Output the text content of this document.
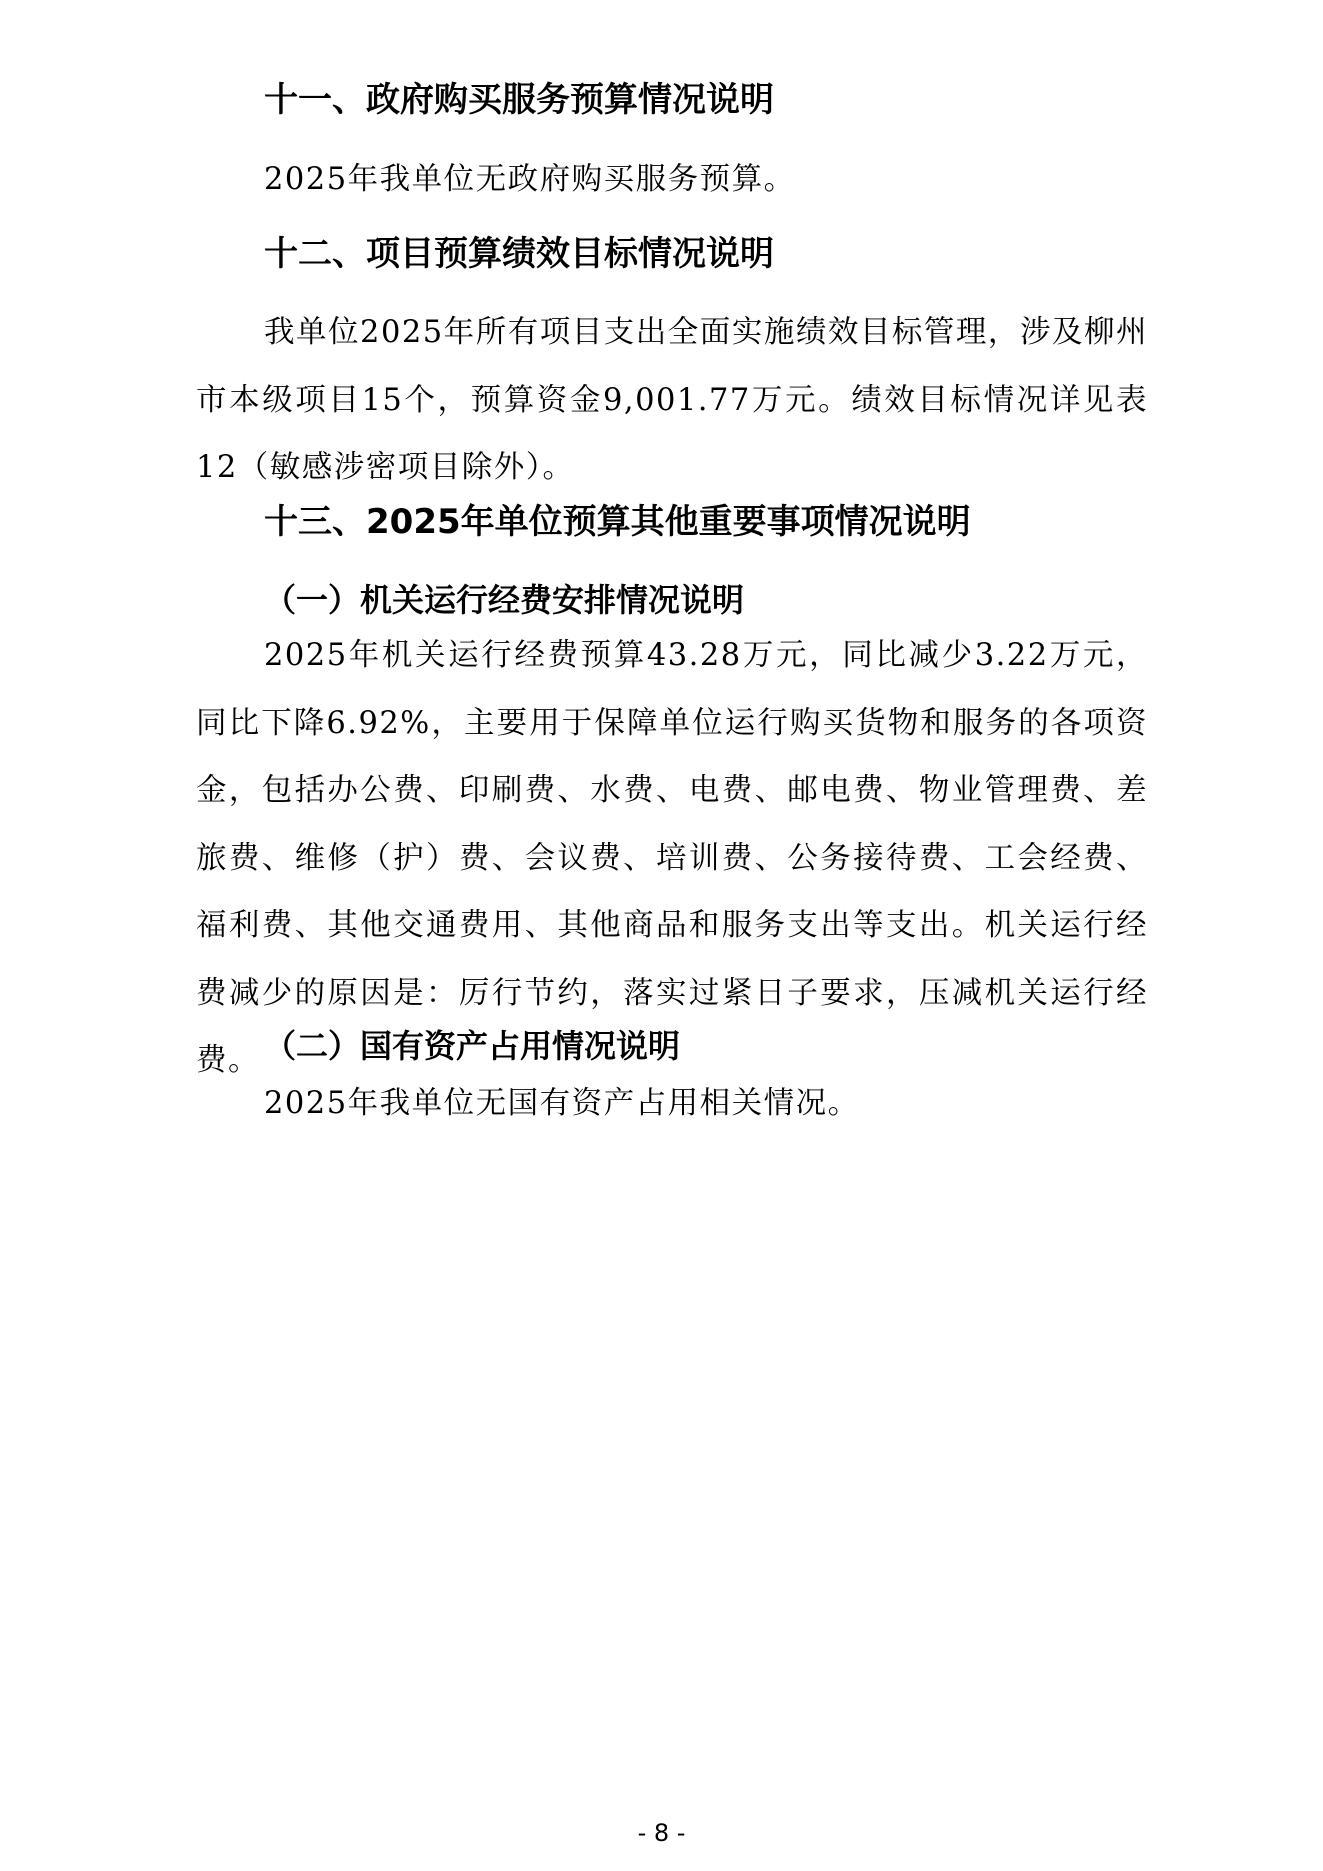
十一、政府购买服务预算情况说明

2025年我单位无政府购买服务预算。

十二、项目预算绩效目标情况说明

我单位2025年所有项目支出全面实施绩效目标管理，涉及柳州市本级项目15个，预算资金9,001.77万元。绩效目标情况详见表12（敏感涉密项目除外）。

十三、2025年单位预算其他重要事项情况说明
（一）机关运行经费安排情况说明

2025年机关运行经费预算43.28万元，同比减少3.22万元，同比下降6.92%，主要用于保障单位运行购买货物和服务的各项资金，包括办公费、印刷费、水费、电费、邮电费、物业管理费、差旅费、维修（护）费、会议费、培训费、公务接待费、工会经费、福利费、其他交通费用、其他商品和服务支出等支出。机关运行经费减少的原因是：厉行节约，落实过紧日子要求，压减机关运行经费。 （二）国有资产占用情况说明

2025年我单位无国有资产占用相关情况。

- 8 -
